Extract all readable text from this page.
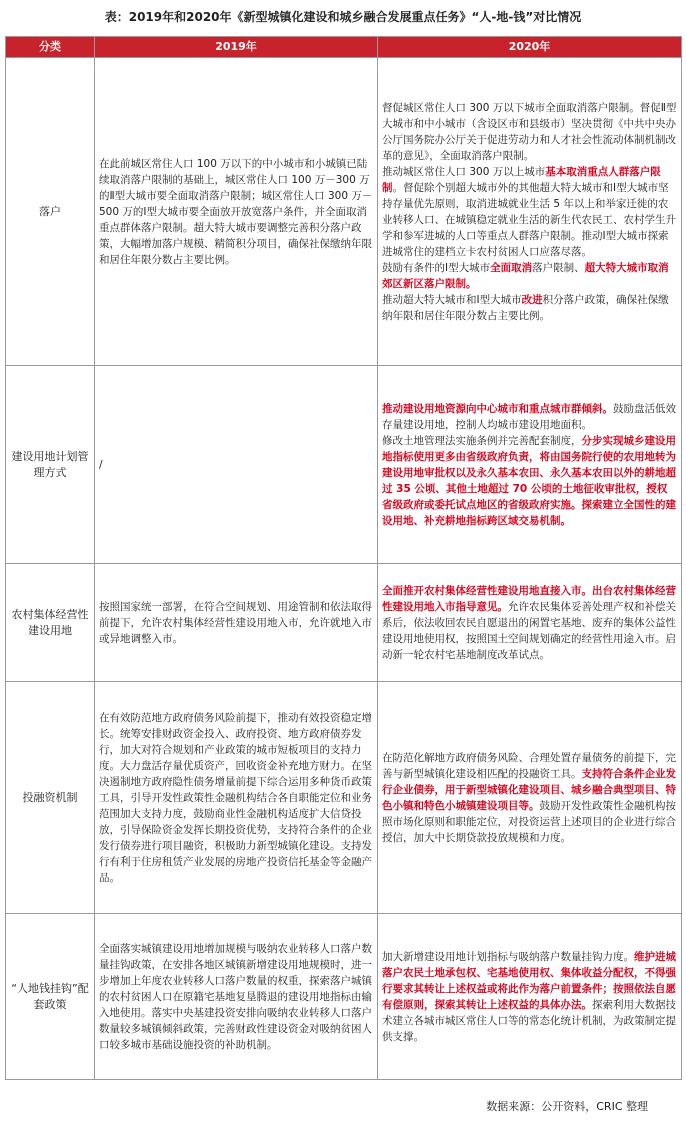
表：2019年和2020年《新型城镇化建设和城乡融合发展重点任务》“人-地-钱”对比情况
分类	2019年	2020年
落户	在此前城区常住人口 100 万以下的中小城市和小城镇已陆续取消落户限制的基础上，城区常住人口 100 万－300 万的Ⅱ型大城市要全面取消落户限制；城区常住人口 300 万－500 万的Ⅰ型大城市要全面放开放宽落户条件，并全面取消重点群体落户限制。超大特大城市要调整完善积分落户政策，大幅增加落户规模、精简积分项目，确保社保缴纳年限和居住年限分数占主要比例。	督促城区常住人口 300 万以下城市全面取消落户限制。督促Ⅱ型大城市和中小城市（含设区市和县级市）坚决贯彻《中共中央办公厅国务院办公厅关于促进劳动力和人才社会性流动体制机制改革的意见》，全面取消落户限制。

推动城区常住人口 300 万以上城市基本取消重点人群落户限制。督促除个别超大城市外的其他超大特大城市和Ⅰ型大城市坚持存量优先原则，取消进城就业生活 5 年以上和举家迁徙的农业转移人口、在城镇稳定就业生活的新生代农民工、农村学生升学和参军进城的人口等重点人群落户限制。推动Ⅰ型大城市探索进城常住的建档立卡农村贫困人口应落尽落。

鼓励有条件的Ⅰ型大城市全面取消落户限制、超大特大城市取消郊区新区落户限制。

推动超大特大城市和Ⅰ型大城市改进积分落户政策，确保社保缴纳年限和居住年限分数占主要比例。

建设用地计划管理方式	/	推动建设用地资源向中心城市和重点城市群倾斜。鼓励盘活低效存量建设用地，控制人均城市建设用地面积。

修改土地管理法实施条例并完善配套制度，分步实现城乡建设用地指标使用更多由省级政府负责，将由国务院行使的农用地转为建设用地审批权以及永久基本农田、永久基本农田以外的耕地超过 35 公顷、其他土地超过 70 公顷的土地征收审批权，授权省级政府或委托试点地区的省级政府实施。探索建立全国性的建设用地、补充耕地指标跨区域交易机制。

农村集体经营性建设用地	按照国家统一部署，在符合空间规划、用途管制和依法取得前提下，允许农村集体经营性建设用地入市，允许就地入市或异地调整入市。	全面推开农村集体经营性建设用地直接入市。出台农村集体经营性建设用地入市指导意见。允许农民集体妥善处理产权和补偿关系后，依法收回农民自愿退出的闲置宅基地、废弃的集体公益性建设用地使用权，按照国土空间规划确定的经营性用途入市。启动新一轮农村宅基地制度改革试点。

投融资机制	在有效防范地方政府债务风险前提下，推动有效投资稳定增长。统筹安排财政资金投入、政府投资、地方政府债券发行，加大对符合规划和产业政策的城市短板项目的支持力度。大力盘活存量优质资产，回收资金补充地方财力。在坚决遏制地方政府隐性债务增量前提下综合运用多种货币政策工具，引导开发性政策性金融机构结合各自职能定位和业务范围加大支持力度，鼓励商业性金融机构适度扩大信贷投放，引导保险资金发挥长期投资优势，支持符合条件的企业发行债券进行项目融资，积极助力新型城镇化建设。支持发行有利于住房租赁产业发展的房地产投资信托基金等金融产品。	在防范化解地方政府债务风险、合理处置存量债务的前提下，完善与新型城镇化建设相匹配的投融资工具。支持符合条件企业发行企业债券，用于新型城镇化建设项目、城乡融合典型项目、特色小镇和特色小城镇建设项目等。鼓励开发性政策性金融机构按照市场化原则和职能定位，对投资运营上述项目的企业进行综合授信，加大中长期贷款投放规模和力度。

“人地钱挂钩”配套政策	全面落实城镇建设用地增加规模与吸纳农业转移人口落户数量挂钩政策，在安排各地区城镇新增建设用地规模时，进一步增加上年度农业转移人口落户数量的权重，探索落户城镇的农村贫困人口在原籍宅基地复垦腾退的建设用地指标由输入地使用。落实中央基建投资安排向吸纳农业转移人口落户数量较多城镇倾斜政策，完善财政性建设资金对吸纳贫困人口较多城市基础设施投资的补助机制。	加大新增建设用地计划指标与吸纳落户数量挂钩力度。维护进城落户农民土地承包权、宅基地使用权、集体收益分配权，不得强行要求其转让上述权益或将此作为落户前置条件；按照依法自愿有偿原则，探索其转让上述权益的具体办法。探索利用大数据技术建立各城市城区常住人口等的常态化统计机制，为政策制定提供支撑。

数据来源：公开资料，CRIC 整理
